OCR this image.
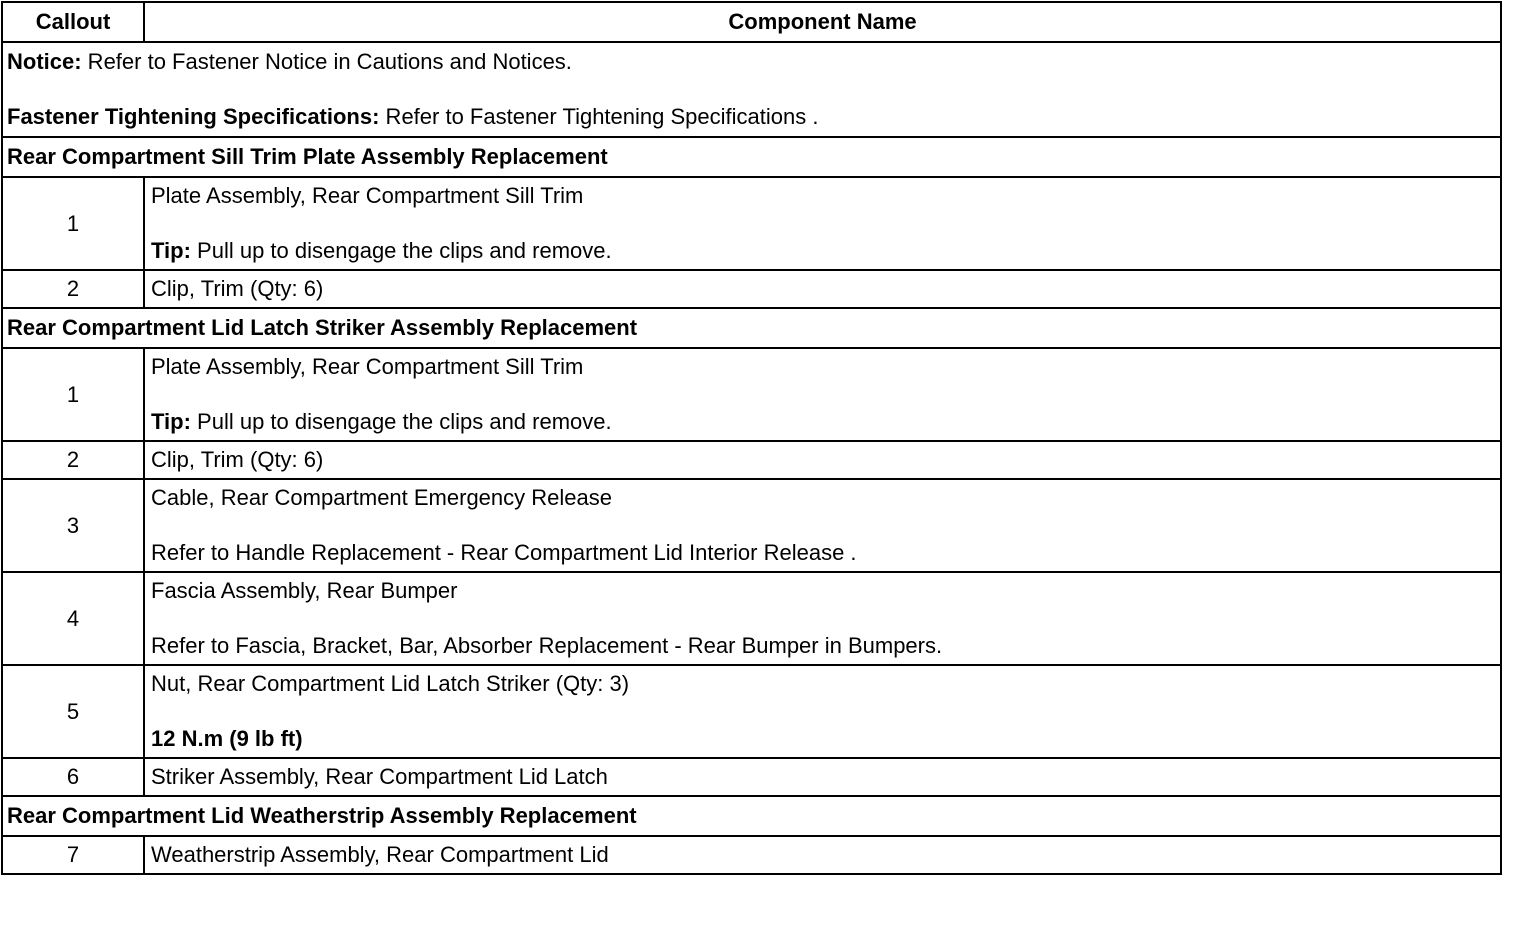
Callout	Component Name

Notice: Refer to Fastener Notice in Cautions and Notices.
Fastener Tightening Specifications: Refer to Fastener Tightening Specifications .	

Rear Compartment Sill Trim Plate Assembly Replacement	
1	Plate Assembly, Rear Compartment Sill Trim
Tip: Pull up to disengage the clips and remove.

2	Clip, Trim (Qty: 6)
Rear Compartment Lid Latch Striker Assembly Replacement	
1	Plate Assembly, Rear Compartment Sill Trim
Tip: Pull up to disengage the clips and remove.

2	Clip, Trim (Qty: 6)
3	Cable, Rear Compartment Emergency Release
Refer to Handle Replacement - Rear Compartment Lid Interior Release .

4	Fascia Assembly, Rear Bumper
Refer to Fascia, Bracket, Bar, Absorber Replacement - Rear Bumper in Bumpers.

5	Nut, Rear Compartment Lid Latch Striker (Qty: 3)
12 N.m (9 lb ft)

6	Striker Assembly, Rear Compartment Lid Latch
Rear Compartment Lid Weatherstrip Assembly Replacement	
7	Weatherstrip Assembly, Rear Compartment Lid
